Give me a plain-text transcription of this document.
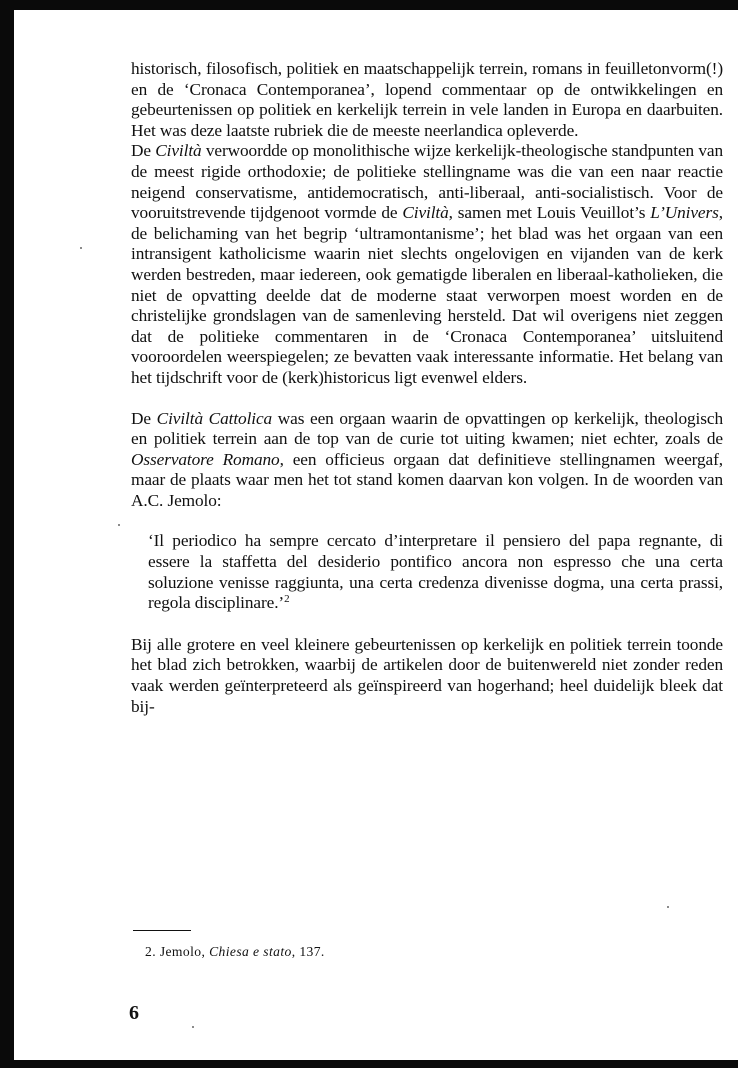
historisch, filosofisch, politiek en maatschappelijk terrein, romans in feuilletonvorm(!) en de ‘Cronaca Contemporanea’, lopend commentaar op de ontwikkelingen en gebeurtenissen op politiek en kerkelijk terrein in vele landen in Europa en daarbuiten. Het was deze laatste rubriek die de meeste neerlandica opleverde.

De Civiltà verwoordde op monolithische wijze kerkelijk-theologische standpunten van de meest rigide orthodoxie; de politieke stellingname was die van een naar reactie neigend conservatisme, antidemocratisch, anti-liberaal, anti-socialistisch. Voor de vooruitstrevende tijdgenoot vormde de Civiltà, samen met Louis Veuillot’s L’Univers, de belichaming van het begrip ‘ultramontanisme’; het blad was het orgaan van een intransigent katholicisme waarin niet slechts ongelovigen en vijanden van de kerk werden bestreden, maar iedereen, ook gematigde liberalen en liberaal-katholieken, die niet de opvatting deelde dat de moderne staat verworpen moest worden en de christelijke grondslagen van de samenleving hersteld. Dat wil overigens niet zeggen dat de politieke commentaren in de ‘Cronaca Contemporanea’ uitsluitend vooroordelen weerspiegelen; ze bevatten vaak interessante informatie. Het belang van het tijdschrift voor de (kerk)historicus ligt evenwel elders.

De Civiltà Cattolica was een orgaan waarin de opvattingen op kerkelijk, theologisch en politiek terrein aan de top van de curie tot uiting kwamen; niet echter, zoals de Osservatore Romano, een officieus orgaan dat definitieve stellingnamen weergaf, maar de plaats waar men het tot stand komen daarvan kon volgen. In de woorden van A.C. Jemolo:

‘Il periodico ha sempre cercato d’interpretare il pensiero del papa regnante, di essere la staffetta del desiderio pontifico ancora non espresso che una certa soluzione venisse raggiunta, una certa credenza divenisse dogma, una certa prassi, regola disciplinare.’$^2$

Bij alle grotere en veel kleinere gebeurtenissen op kerkelijk en politiek terrein toonde het blad zich betrokken, waarbij de artikelen door de buitenwereld niet zonder reden vaak werden geïnterpreteerd als geïnspireerd van hogerhand; heel duidelijk bleek dat bij-

2. Jemolo, Chiesa e stato, 137.
6
